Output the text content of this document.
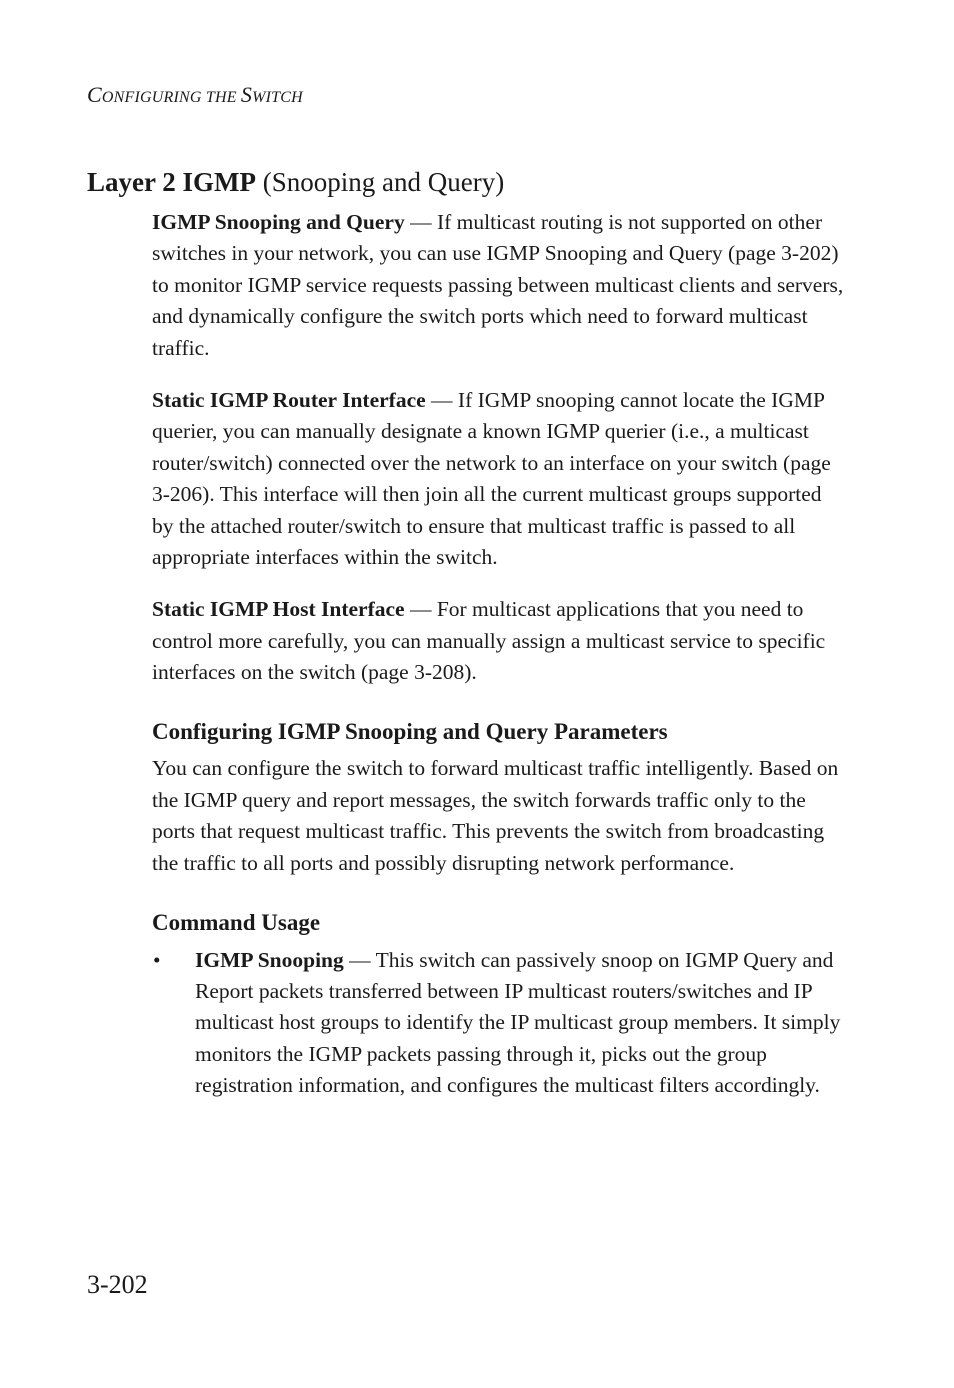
CONFIGURING THE SWITCH
Layer 2 IGMP (Snooping and Query)

IGMP Snooping and Query — If multicast routing is not supported on other switches in your network, you can use IGMP Snooping and Query (page 3-202) to monitor IGMP service requests passing between multicast clients and servers, and dynamically configure the switch ports which need to forward multicast traffic.

Static IGMP Router Interface — If IGMP snooping cannot locate the IGMP querier, you can manually designate a known IGMP querier (i.e., a multicast router/switch) connected over the network to an interface on your switch (page 3-206). This interface will then join all the current multicast groups supported by the attached router/switch to ensure that multicast traffic is passed to all appropriate interfaces within the switch.

Static IGMP Host Interface — For multicast applications that you need to control more carefully, you can manually assign a multicast service to specific interfaces on the switch (page 3-208).

Configuring IGMP Snooping and Query Parameters

You can configure the switch to forward multicast traffic intelligently. Based on the IGMP query and report messages, the switch forwards traffic only to the ports that request multicast traffic. This prevents the switch from broadcasting the traffic to all ports and possibly disrupting network performance.

Command Usage
• IGMP Snooping — This switch can passively snoop on IGMP Query and Report packets transferred between IP multicast routers/switches and IP multicast host groups to identify the IP multicast group members. It simply monitors the IGMP packets passing through it, picks out the group registration information, and configures the multicast filters accordingly.
3-202
